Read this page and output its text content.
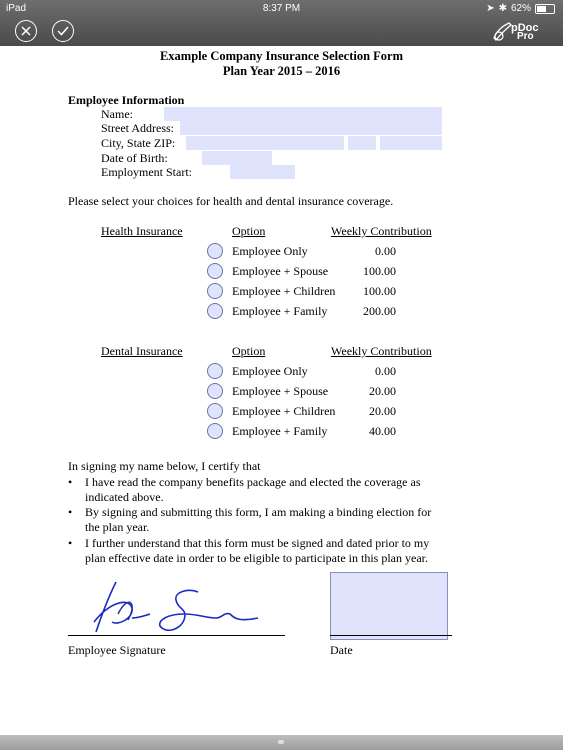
iPad	8:37 PM	➤ ✱ 62%
pDoc
Pro
Example Company Insurance Selection Form
Plan Year 2015 – 2016
Employee Information
Name:
Street Address:
City, State ZIP:
Date of Birth:
Employment Start:
Please select your choices for health and dental insurance coverage.
Health Insurance	Option	Weekly Contribution
Employee Only	0.00
Employee + Spouse	100.00
Employee + Children	100.00
Employee + Family	200.00
Dental Insurance	Option	Weekly Contribution
Employee Only	0.00
Employee + Spouse	20.00
Employee + Children	20.00
Employee + Family	40.00
In signing my name below, I certify that
• I have read the company benefits package and elected the coverage as
indicated above.
• By signing and submitting this form, I am making a binding election for
the plan year.
• I further understand that this form must be signed and dated prior to my
plan effective date in order to be eligible to participate in this plan year.
Employee Signature	Date
